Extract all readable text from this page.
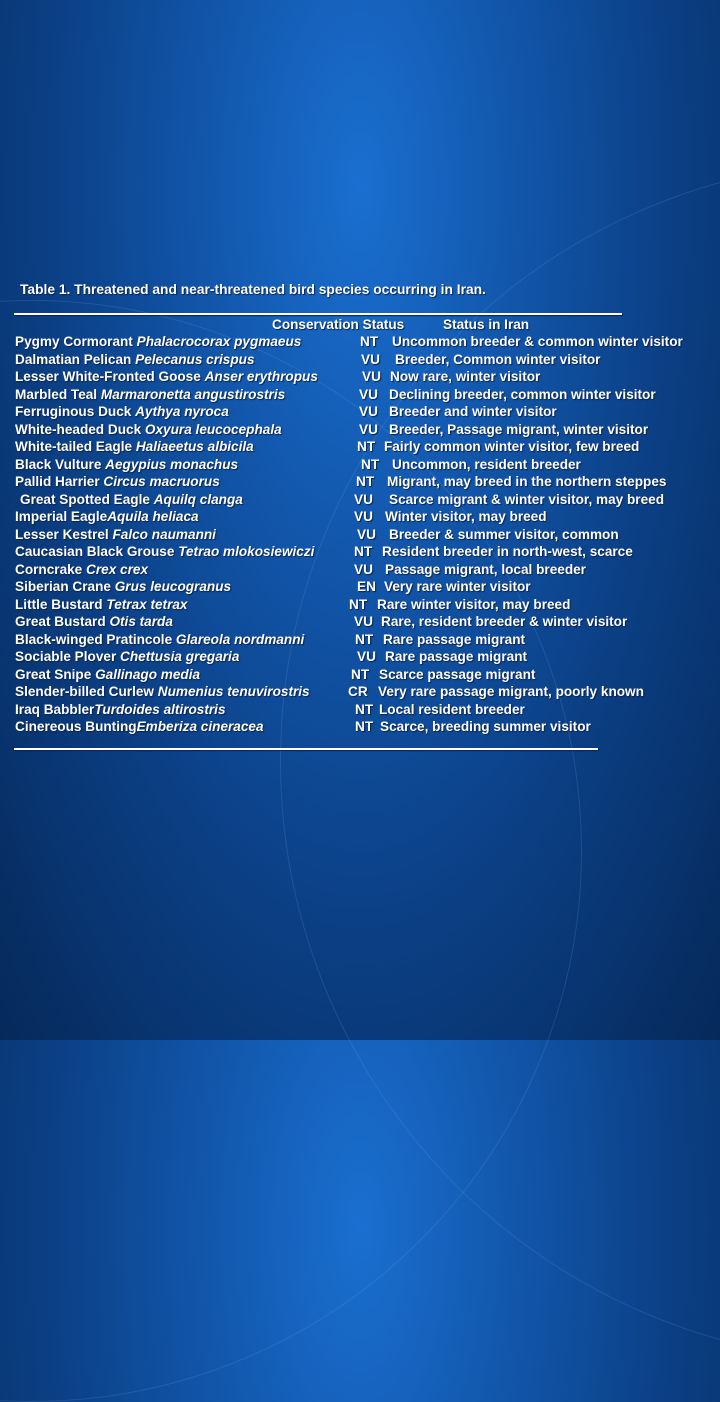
Table 1. Threatened and near-threatened bird species occurring in Iran.
Conservation Status	Status in Iran
Pygmy Cormorant Phalacrocorax pygmaeus	NT Uncommon breeder & common winter visitor
Dalmatian Pelican Pelecanus crispus	VU Breeder, Common winter visitor
Lesser White-Fronted Goose Anser erythropus	VU Now rare, winter visitor
Marbled Teal Marmaronetta angustirostris	VU Declining breeder, common winter visitor
Ferruginous Duck Aythya nyroca	VU Breeder and winter visitor
White-headed Duck Oxyura leucocephala	VU Breeder, Passage migrant, winter visitor
White-tailed Eagle Haliaeetus albicila	NT Fairly common winter visitor, few breed
Black Vulture Aegypius monachus	NT Uncommon, resident breeder
Pallid Harrier Circus macruorus	NT Migrant, may breed in the northern steppes
Great Spotted Eagle Aquilq clanga	VU Scarce migrant & winter visitor, may breed
Imperial EagleAquila heliaca	VU Winter visitor, may breed
Lesser Kestrel Falco naumanni	VU Breeder & summer visitor, common
Caucasian Black Grouse Tetrao mlokosiewiczi	NT Resident breeder in north-west, scarce
Corncrake Crex crex	VU Passage migrant, local breeder
Siberian Crane Grus leucogranus	EN Very rare winter visitor
Little Bustard Tetrax tetrax	NT Rare winter visitor, may breed
Great Bustard Otis tarda	VU Rare, resident breeder & winter visitor
Black-winged Pratincole Glareola nordmanni	NT Rare passage migrant
Sociable Plover Chettusia gregaria	VU Rare passage migrant
Great Snipe Gallinago media	NT Scarce passage migrant
Slender-billed Curlew Numenius tenuvirostris	CR Very rare passage migrant, poorly known
Iraq BabblerTurdoides altirostris	NT Local resident breeder
Cinereous BuntingEmberiza cineracea	NT Scarce, breeding summer visitor
